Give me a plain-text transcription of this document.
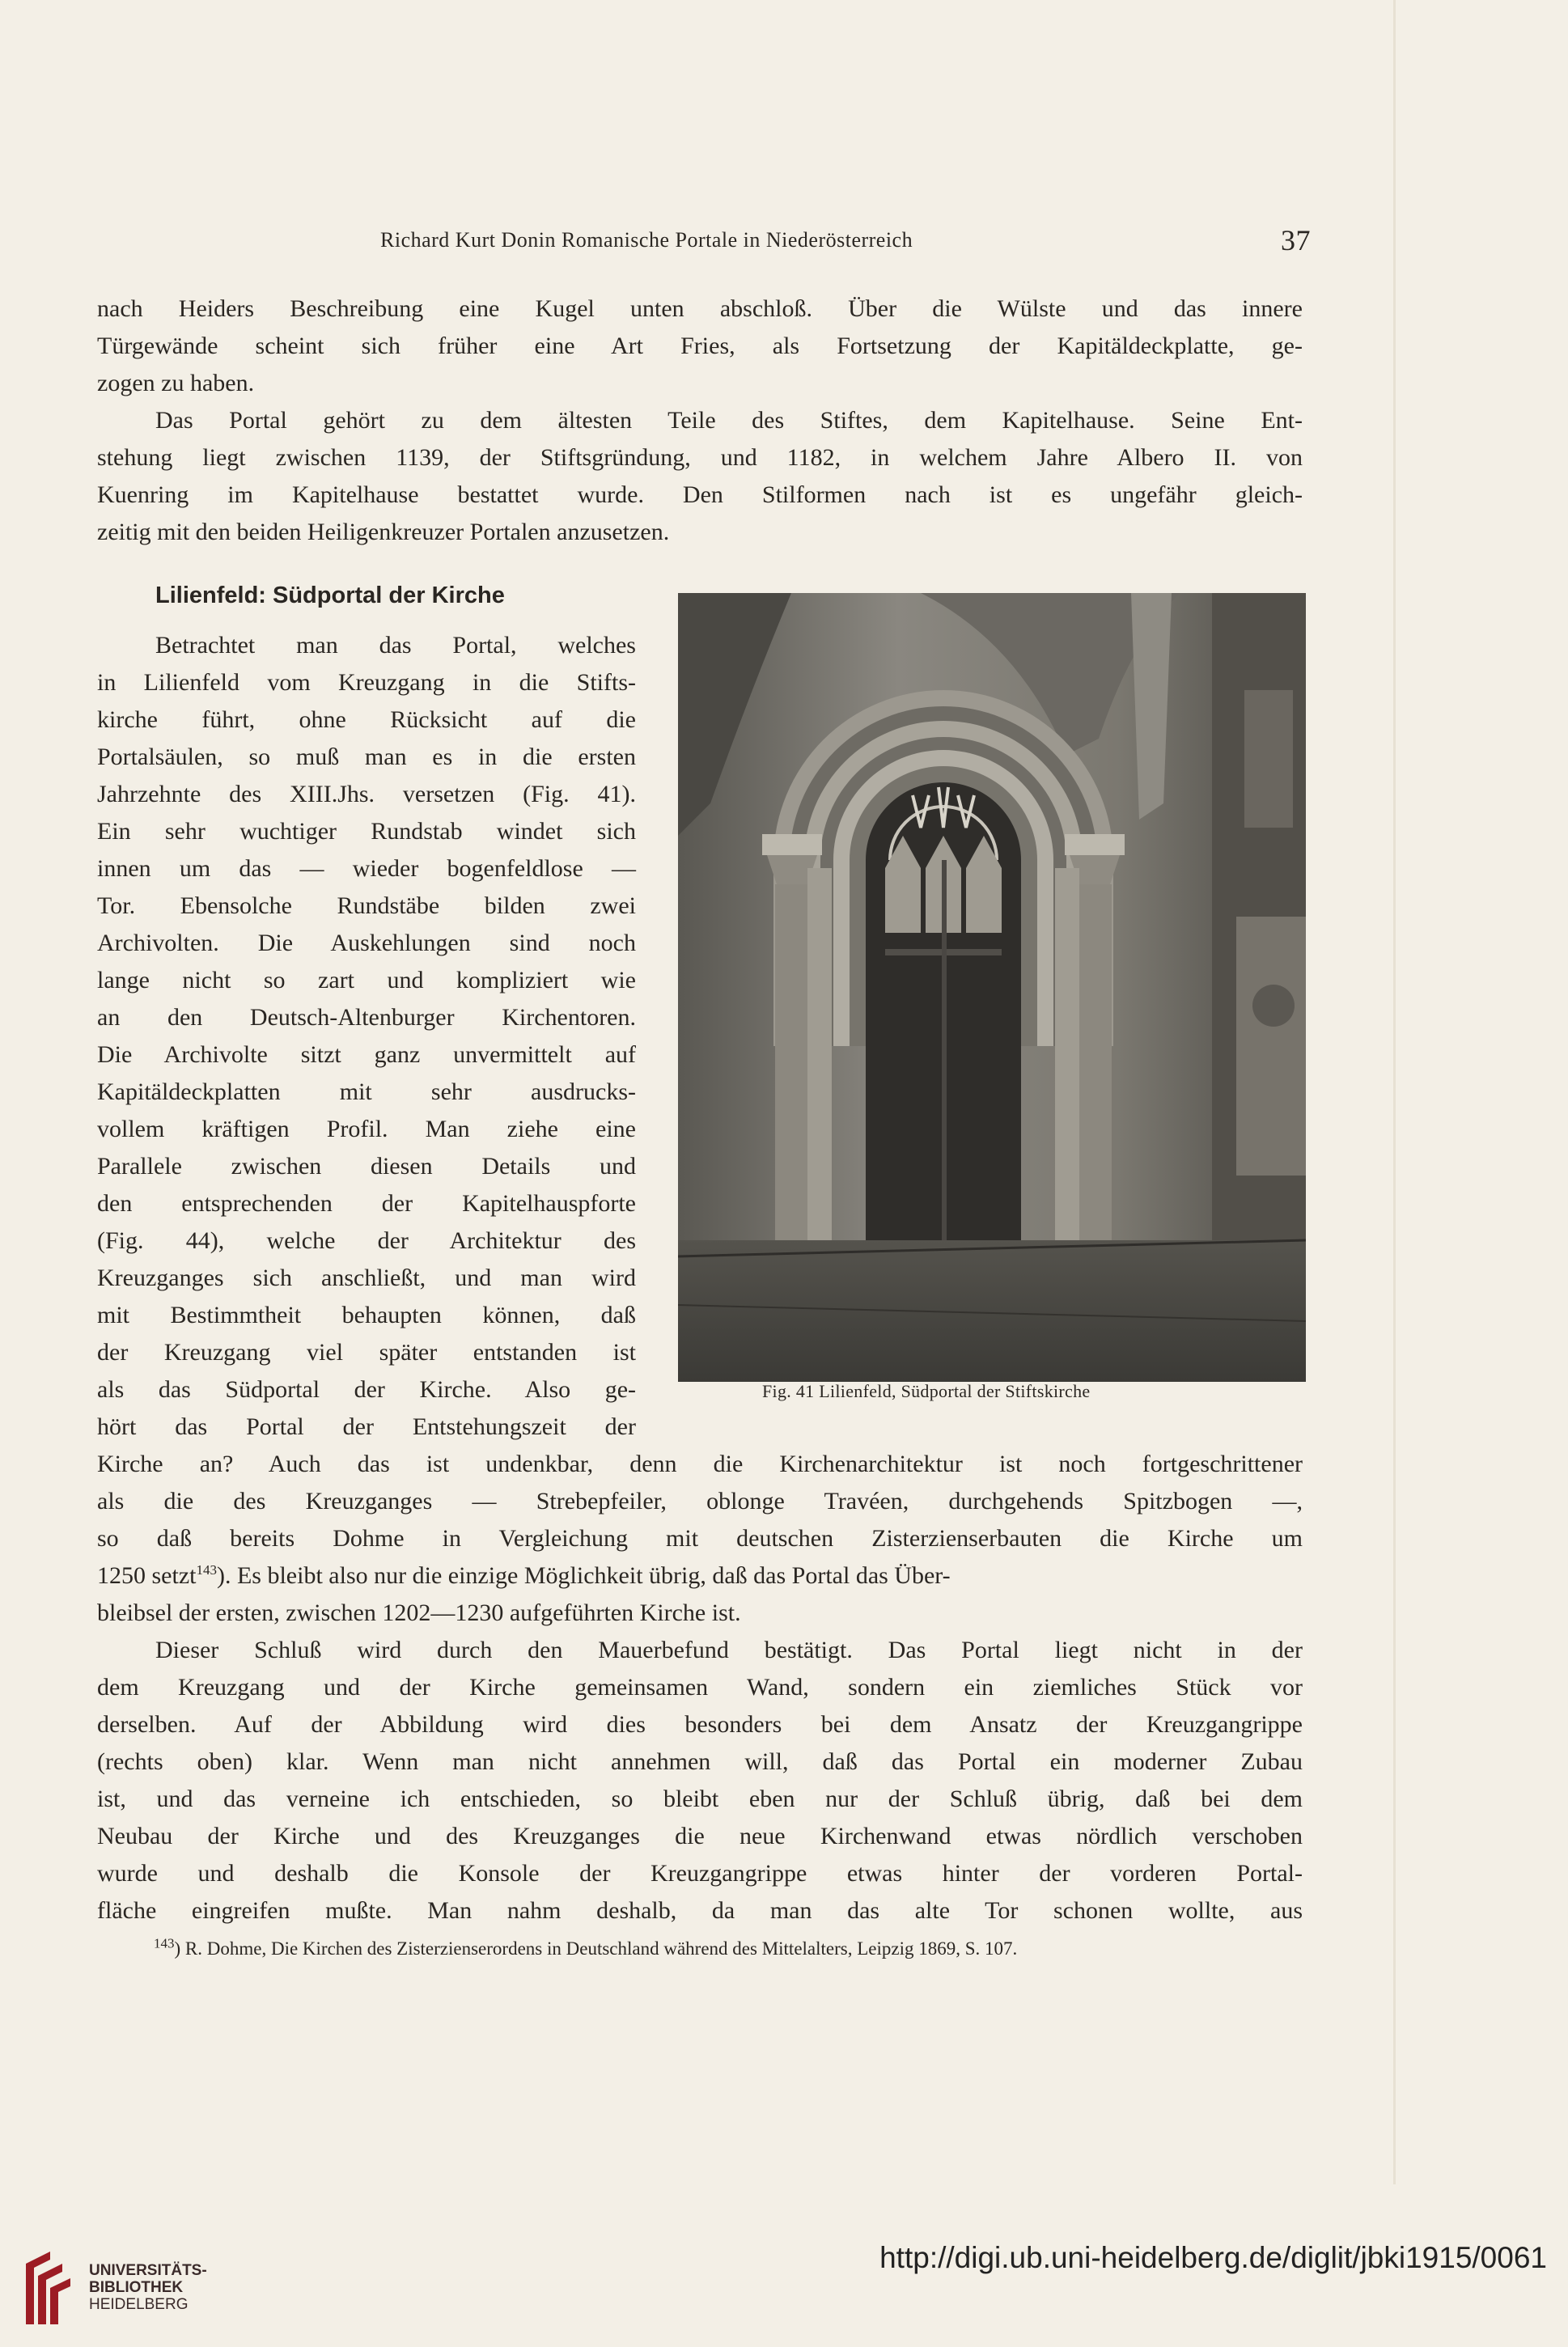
Richard Kurt Donin Romanische Portale in Niederösterreich	37
nach Heiders Beschreibung eine Kugel unten abschloß. Über die Wülste und das innere
Türgewände scheint sich früher eine Art Fries, als Fortsetzung der Kapitäldeckplatte, ge-
zogen zu haben.
Das Portal gehört zu dem ältesten Teile des Stiftes, dem Kapitelhause. Seine Ent-
stehung liegt zwischen 1139, der Stiftsgründung, und 1182, in welchem Jahre Albero II. von
Kuenring im Kapitelhause bestattet wurde. Den Stilformen nach ist es ungefähr gleich-
zeitig mit den beiden Heiligenkreuzer Portalen anzusetzen.
Lilienfeld: Südportal der Kirche
Betrachtet man das Portal, welches
in Lilienfeld vom Kreuzgang in die Stifts-
kirche führt, ohne Rücksicht auf die
Portalsäulen, so muß man es in die ersten
Jahrzehnte des XIII.Jhs. versetzen (Fig. 41).
Ein sehr wuchtiger Rundstab windet sich
innen um das — wieder bogenfeldlose —
Tor. Ebensolche Rundstäbe bilden zwei
Archivolten. Die Auskehlungen sind noch
lange nicht so zart und kompliziert wie
an den Deutsch-Altenburger Kirchentoren.
Die Archivolte sitzt ganz unvermittelt auf
Kapitäldeckplatten mit sehr ausdrucks-
vollem kräftigen Profil. Man ziehe eine
Parallele zwischen diesen Details und
den entsprechenden der Kapitelhauspforte
(Fig. 44), welche der Architektur des
Kreuzganges sich anschließt, und man wird
mit Bestimmtheit behaupten können, daß
der Kreuzgang viel später entstanden ist
als das Südportal der Kirche. Also ge-
hört das Portal der Entstehungszeit der
Fig. 41 Lilienfeld, Südportal der Stiftskirche
Kirche an? Auch das ist undenkbar, denn die Kirchenarchitektur ist noch fortgeschrittener
als die des Kreuzganges — Strebepfeiler, oblonge Travéen, durchgehends Spitzbogen —,
so daß bereits Dohme in Vergleichung mit deutschen Zisterzienserbauten die Kirche um
1250 setzt$^{143}$). Es bleibt also nur die einzige Möglichkeit übrig, daß das Portal das Über-
bleibsel der ersten, zwischen 1202—1230 aufgeführten Kirche ist.
Dieser Schluß wird durch den Mauerbefund bestätigt. Das Portal liegt nicht in der
dem Kreuzgang und der Kirche gemeinsamen Wand, sondern ein ziemliches Stück vor
derselben. Auf der Abbildung wird dies besonders bei dem Ansatz der Kreuzgangrippe
(rechts oben) klar. Wenn man nicht annehmen will, daß das Portal ein moderner Zubau
ist, und das verneine ich entschieden, so bleibt eben nur der Schluß übrig, daß bei dem
Neubau der Kirche und des Kreuzganges die neue Kirchenwand etwas nördlich verschoben
wurde und deshalb die Konsole der Kreuzgangrippe etwas hinter der vorderen Portal-
fläche eingreifen mußte. Man nahm deshalb, da man das alte Tor schonen wollte, aus
$^{143}$) R. Dohme, Die Kirchen des Zisterzienserordens in Deutschland während des Mittelalters, Leipzig 1869, S. 107.
UNIVERSITÄTS-
BIBLIOTHEK
HEIDELBERG
http://digi.ub.uni-heidelberg.de/diglit/jbki1915/0061
